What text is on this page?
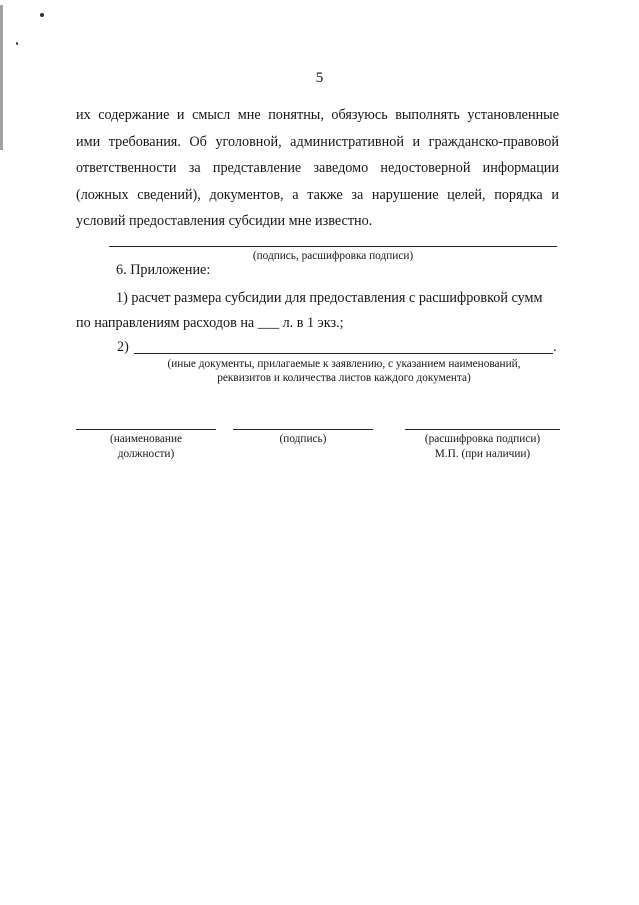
5
их содержание и смысл мне понятны, обязуюсь выполнять установленные
ими требования. Об уголовной, административной и гражданско-правовой
ответственности за представление заведомо недостоверной информации
(ложных сведений), документов, а также за нарушение целей, порядка и
условий предоставления субсидии мне известно.
(подпись, расшифровка подписи)
6. Приложение:
1) расчет размера субсидии для предоставления с расшифровкой сумм
по направлениям расходов на ___ л. в 1 экз.;
2)	.
(иные документы, прилагаемые к заявлению, с указанием наименований,
реквизитов и количества листов каждого документа)
(наименование
должности)
(подпись)	(расшифровка подписи)
М.П. (при наличии)
